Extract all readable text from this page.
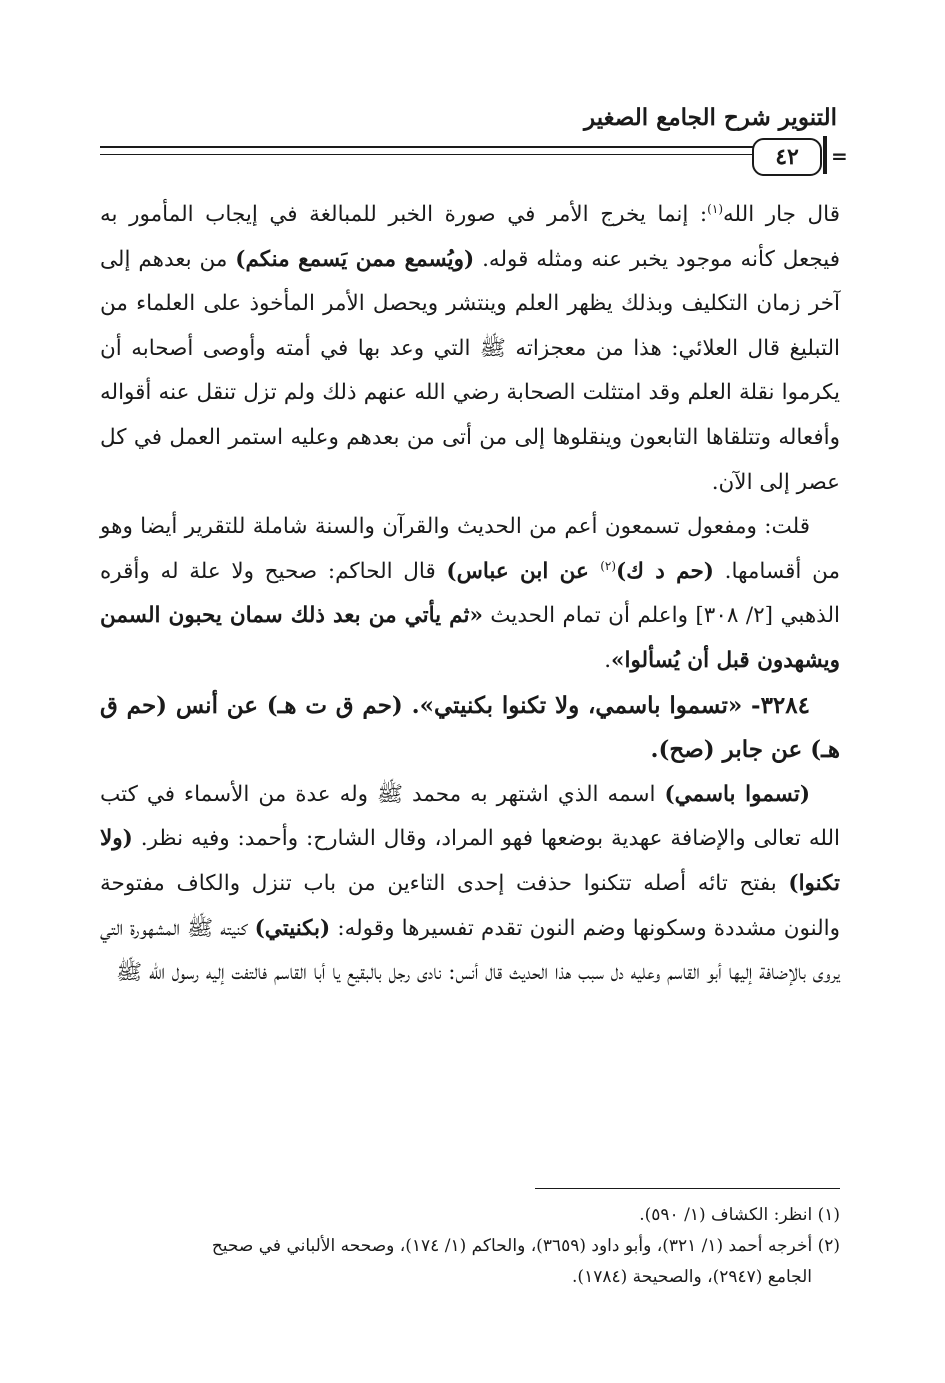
التنوير شرح الجامع الصغير
٤٢	=

قال جار الله$^{(١)}$: إنما يخرج الأمر في صورة الخبر للمبالغة في إيجاب المأمور به فيجعل كأنه موجود يخبر عنه ومثله قوله. (ويُسمع ممن يَسمع منكم) من بعدهم إلى آخر زمان التكليف وبذلك يظهر العلم وينتشر ويحصل الأمر المأخوذ على العلماء من التبليغ قال العلائي: هذا من معجزاته ﷺ التي وعد بها في أمته وأوصى أصحابه أن يكرموا نقلة العلم وقد امتثلت الصحابة رضي الله عنهم ذلك ولم تزل تنقل عنه أقواله وأفعاله وتتلقاها التابعون وينقلوها إلى من أتى من بعدهم وعليه استمر العمل في كل عصر إلى الآن.

قلت: ومفعول تسمعون أعم من الحديث والقرآن والسنة شاملة للتقرير أيضا وهو من أقسامها. (حم د ك)$^{(٢)}$ عن ابن عباس) قال الحاكم: صحيح ولا علة له وأقره الذهبي [٢/ ٣٠٨] واعلم أن تمام الحديث «ثم يأتي من بعد ذلك سمان يحبون السمن ويشهدون قبل أن يُسألوا».

٣٢٨٤- «تسموا باسمي، ولا تكنوا بكنيتي». (حم ق ت هـ) عن أنس (حم ق هـ) عن جابر (صح).

(تسموا باسمي) اسمه الذي اشتهر به محمد ﷺ وله عدة من الأسماء في كتب الله تعالى والإضافة عهدية بوضعها فهو المراد، وقال الشارح: وأحمد: وفيه نظر. (ولا تكنوا) بفتح تائه أصله تتكنوا حذفت إحدى التاءين من باب تنزل والكاف مفتوحة والنون مشددة وسكونها وضم النون تقدم تفسيرها وقوله: (بكنيتي) كنيته ﷺ المشهورة التي يروى بالإضافة إليها أبو القاسم وعليه دل سبب هذا الحديث قال أنس: نادى رجل بالبقيع يا أبا القاسم فالتفت إليه رسول الله ﷺ

(١) انظر: الكشاف (١/ ٥٩٠).

(٢) أخرجه أحمد (١/ ٣٢١)، وأبو داود (٣٦٥٩)، والحاكم (١/ ١٧٤)، وصححه الألباني في صحيح

الجامع (٢٩٤٧)، والصحيحة (١٧٨٤).
